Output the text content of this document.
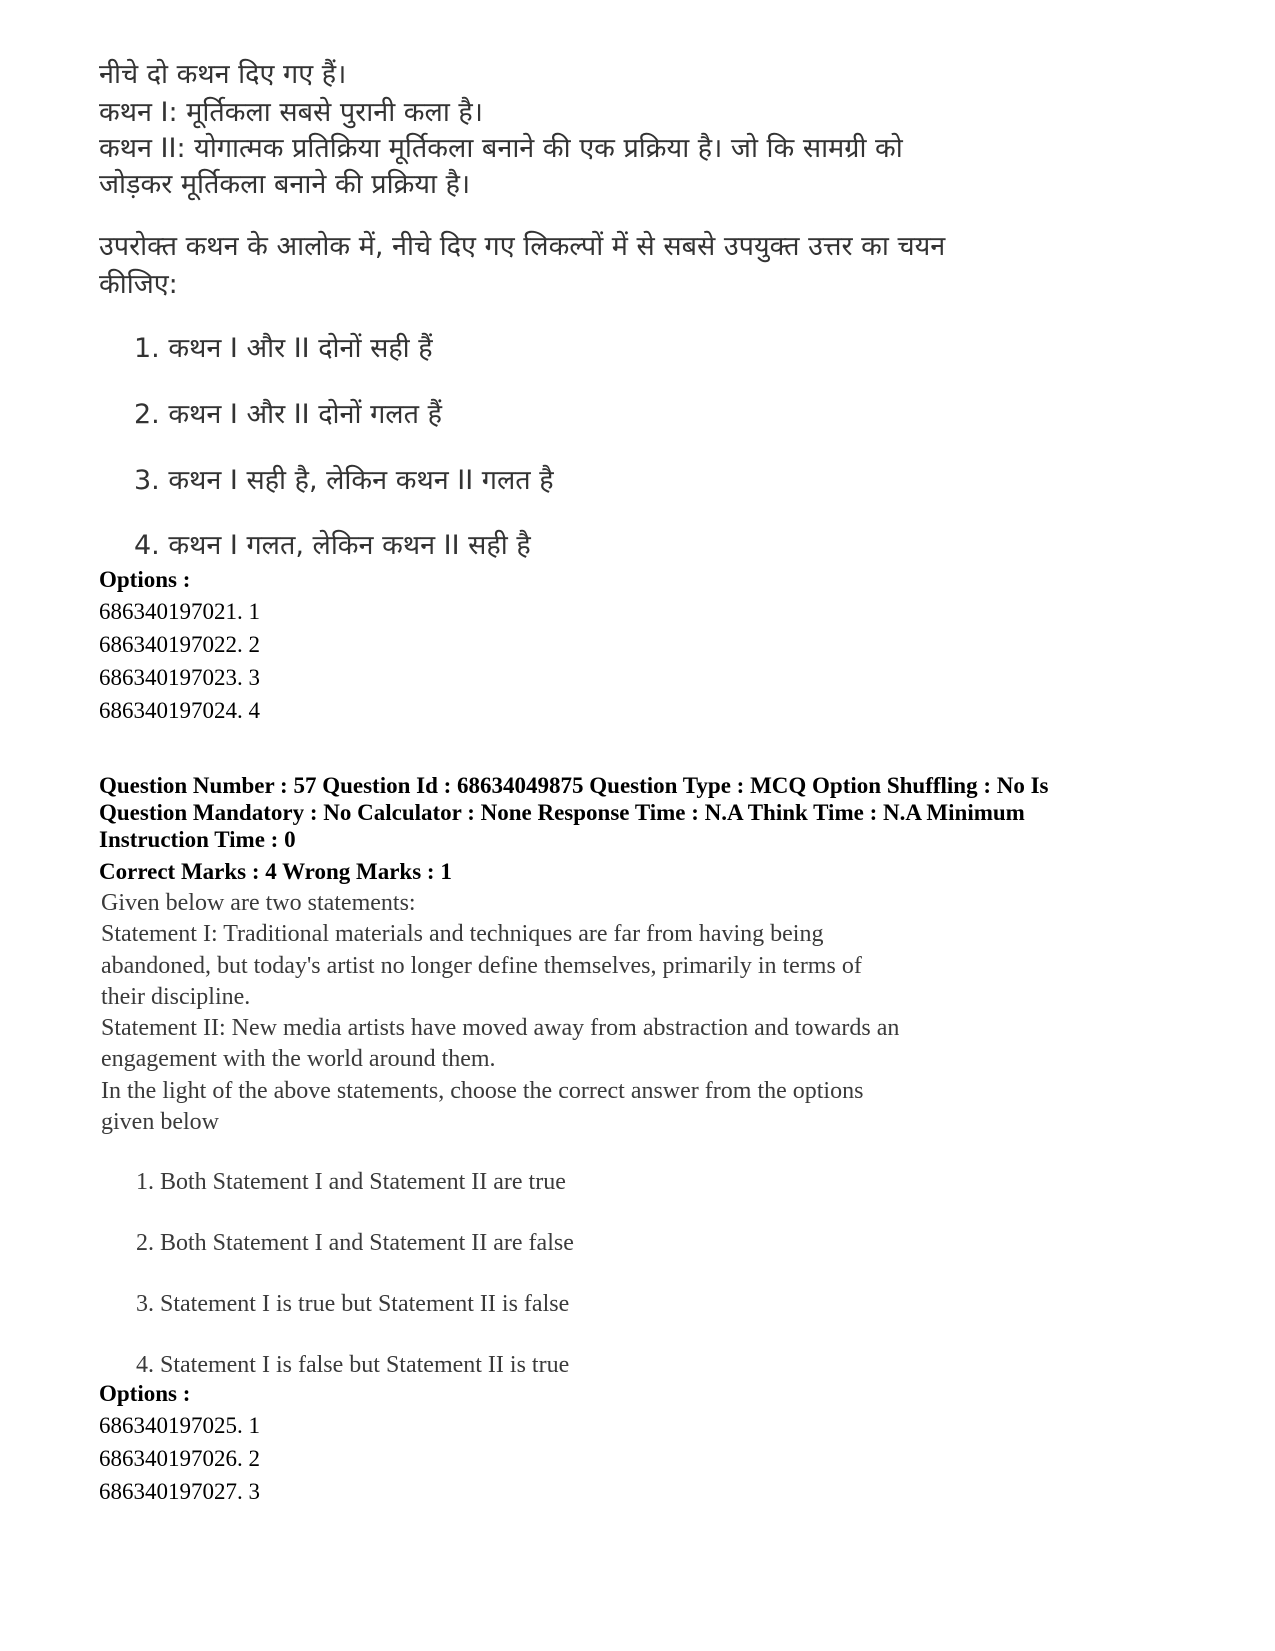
नीचे दो कथन दिए गए हैं।
कथन I: मूर्तिकला सबसे पुरानी कला है।
कथन II: योगात्मक प्रतिक्रिया मूर्तिकला बनाने की एक प्रक्रिया है। जो कि सामग्री को
जोड़कर मूर्तिकला बनाने की प्रक्रिया है।
उपरोक्त कथन के आलोक में, नीचे दिए गए लिकल्पों में से सबसे उपयुक्त उत्तर का चयन
कीजिए:
1. कथन I और II दोनों सही हैं
2. कथन I और II दोनों गलत हैं
3. कथन I सही है, लेकिन कथन II गलत है
4. कथन I गलत, लेकिन कथन II सही है
Options :
686340197021. 1
686340197022. 2
686340197023. 3
686340197024. 4
Question Number : 57 Question Id : 68634049875 Question Type : MCQ Option Shuffling : No Is
Question Mandatory : No Calculator : None Response Time : N.A Think Time : N.A Minimum
Instruction Time : 0
Correct Marks : 4 Wrong Marks : 1
Given below are two statements:
Statement I: Traditional materials and techniques are far from having being
abandoned, but today's artist no longer define themselves, primarily in terms of
their discipline.
Statement II: New media artists have moved away from abstraction and towards an
engagement with the world around them.
In the light of the above statements, choose the correct answer from the options
given below
1. Both Statement I and Statement II are true
2. Both Statement I and Statement II are false
3. Statement I is true but Statement II is false
4. Statement I is false but Statement II is true
Options :
686340197025. 1
686340197026. 2
686340197027. 3
